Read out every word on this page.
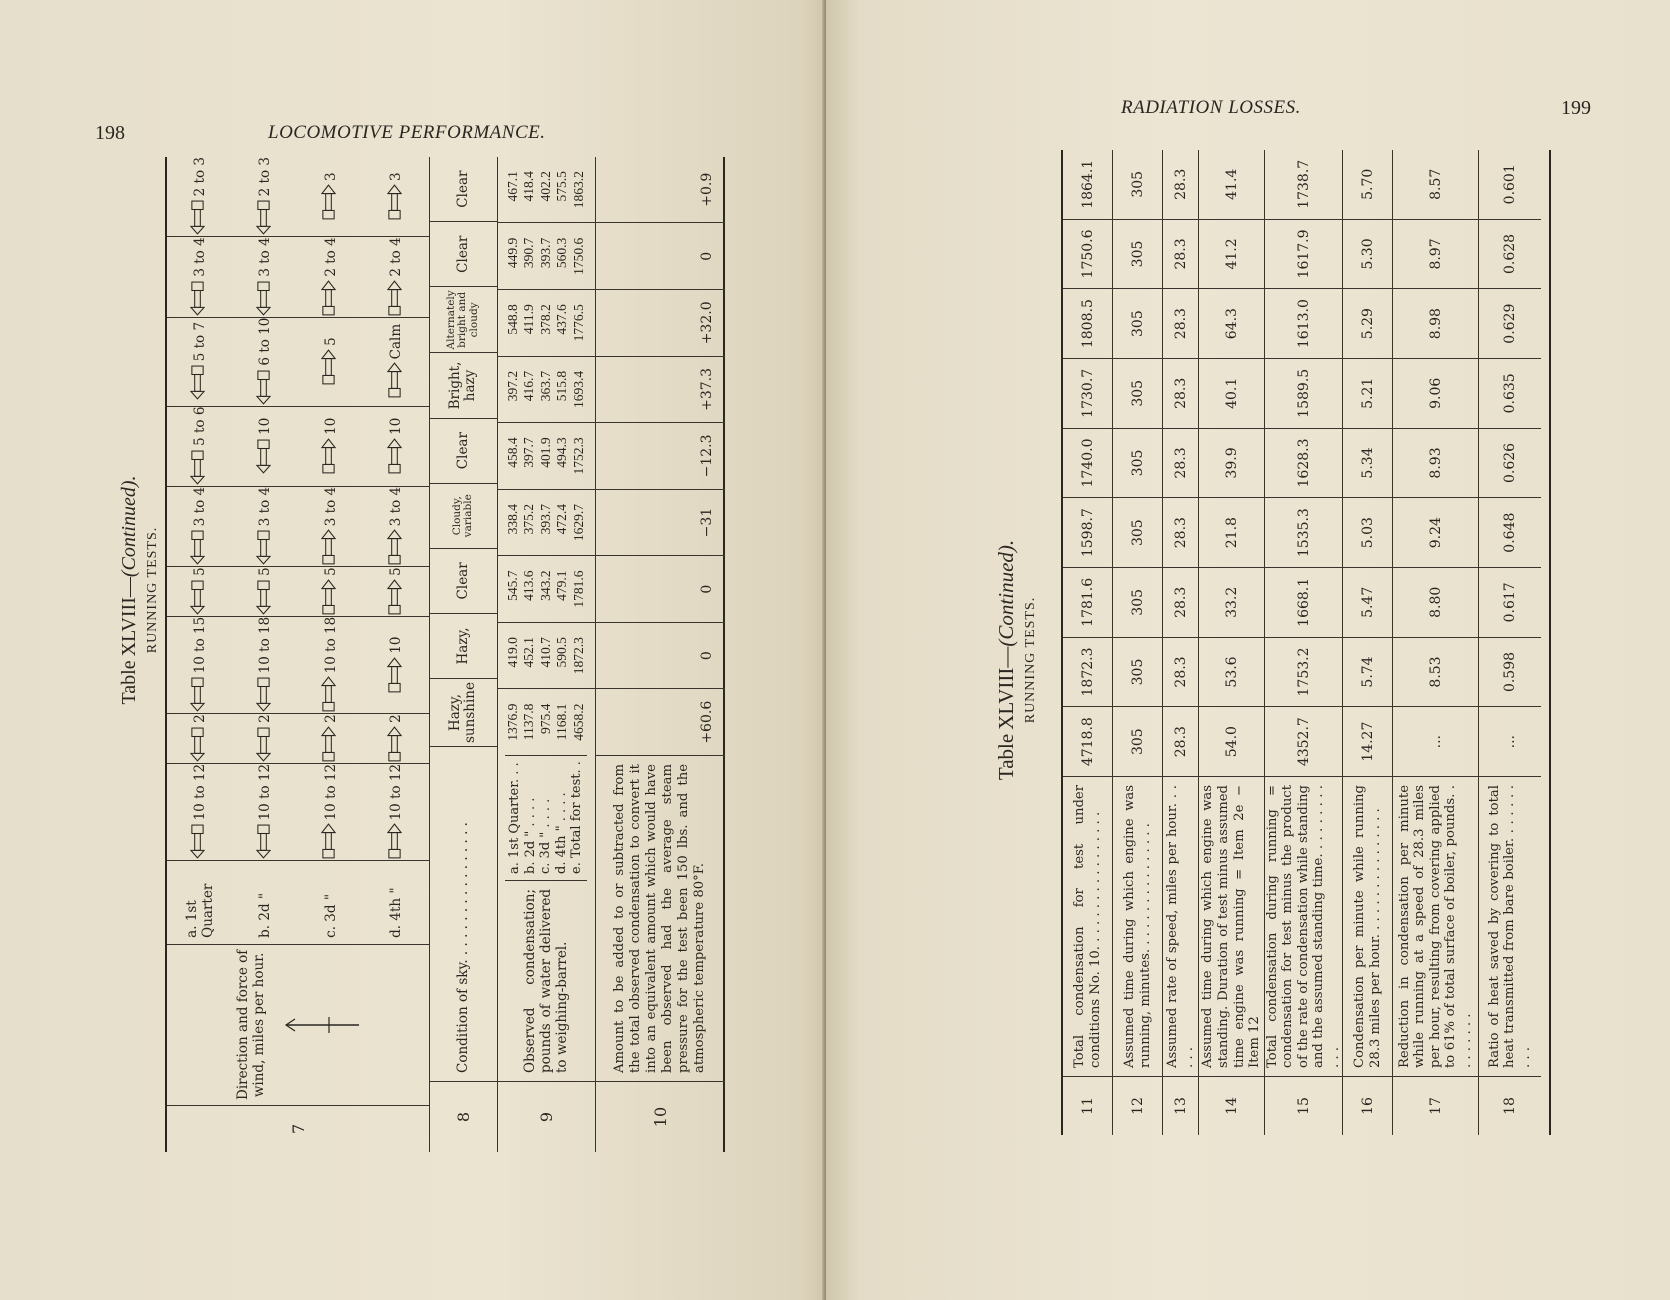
198	LOCOMOTIVE PERFORMANCE.
Table XLVIII—(Continued).
RUNNING TESTS.
7
Direction and force of wind, miles per hour.
a. 1st Quarter	b. 2d "	c. 3d "	d. 4th "
10 to 12	10 to 12	10 to 12	10 to 12
2	2	2	2
10 to 15	10 to 18	10 to 18	10
5	5	5	5
3 to 4	3 to 4	3 to 4	3 to 4
5 to 6	10	10	10
5 to 7	6 to 10	5	Calm
3 to 4	3 to 4	2 to 4	2 to 4
2 to 3	2 to 3	3	3
8
Condition of sky. . . . . . . . . . . . . . . . .
Hazy, sunshine
Hazy,
Clear
Cloudy, variable
Clear
Bright, hazy
Alternately bright and cloudy
Clear
Clear
9
Observed condensation; pounds of water delivered to weighing-barrel.
a. 1st Quarter. . . b. 2d " . . . . c. 3d " . . . . d. 4th " . . . . e. Total for test. .
1376.9 1137.8 975.4 1168.1 4658.2
419.0 452.1 410.7 590.5 1872.3
545.7 413.6 343.2 479.1 1781.6
338.4 375.2 393.7 472.4 1629.7
458.4 397.7 401.9 494.3 1752.3
397.2 416.7 363.7 515.8 1693.4
548.8 411.9 378.2 437.6 1776.5
449.9 390.7 393.7 560.3 1750.6
467.1 418.4 402.2 575.5 1863.2
10
Amount to be added to or subtracted from the total observed condensation to convert it into an equivalent amount which would have been observed had the average steam pressure for the test been 150 lbs. and the atmospheric temperature 80°F.
+60.6
0
0
−31
−12.3
+37.3
+32.0
0
+0.9
RADIATION LOSSES.	199
Table XLVIII—(Continued).
RUNNING TESTS.
11
Total condensation for test under conditions No. 10. . . . . . . . . . . . . . . . .
4718.8
1872.3
1781.6
1598.7
1740.0
1730.7
1808.5
1750.6
1864.1
12
Assumed time during which engine was running, minutes. . . . . . . . . . . . . . . .
305
305
305
305
305
305
305
305
305
13
Assumed rate of speed, miles per hour. . . . . .
28.3
28.3
28.3
28.3
28.3
28.3
28.3
28.3
28.3
14
Assumed time during which engine was standing. Duration of test minus assumed time engine was running = Item 2e − Item 12
54.0
53.6
33.2
21.8
39.9
40.1
64.3
41.2
41.4
15
Total condensation during running = condensation for test minus the product of the rate of condensation while standing and the assumed standing time. . . . . . . . . . . .
4352.7
1753.2
1668.1
1535.3
1628.3
1589.5
1613.0
1617.9
1738.7
16
Condensation per minute while running 28.3 miles per hour. . . . . . . . . . . . . . . .
14.27
5.74
5.47
5.03
5.34
5.21
5.29
5.30
5.70
17
Reduction in condensation per minute while running at a speed of 28.3 miles per hour, resulting from covering applied to 61% of total surface of boiler, pounds. . . . . . . . .
...
8.53
8.80
9.24
8.93
9.06
8.98
8.97
8.57
18
Ratio of heat saved by covering to total heat transmitted from bare boiler. . . . . . . . . .
...
0.598
0.617
0.648
0.626
0.635
0.629
0.628
0.601
